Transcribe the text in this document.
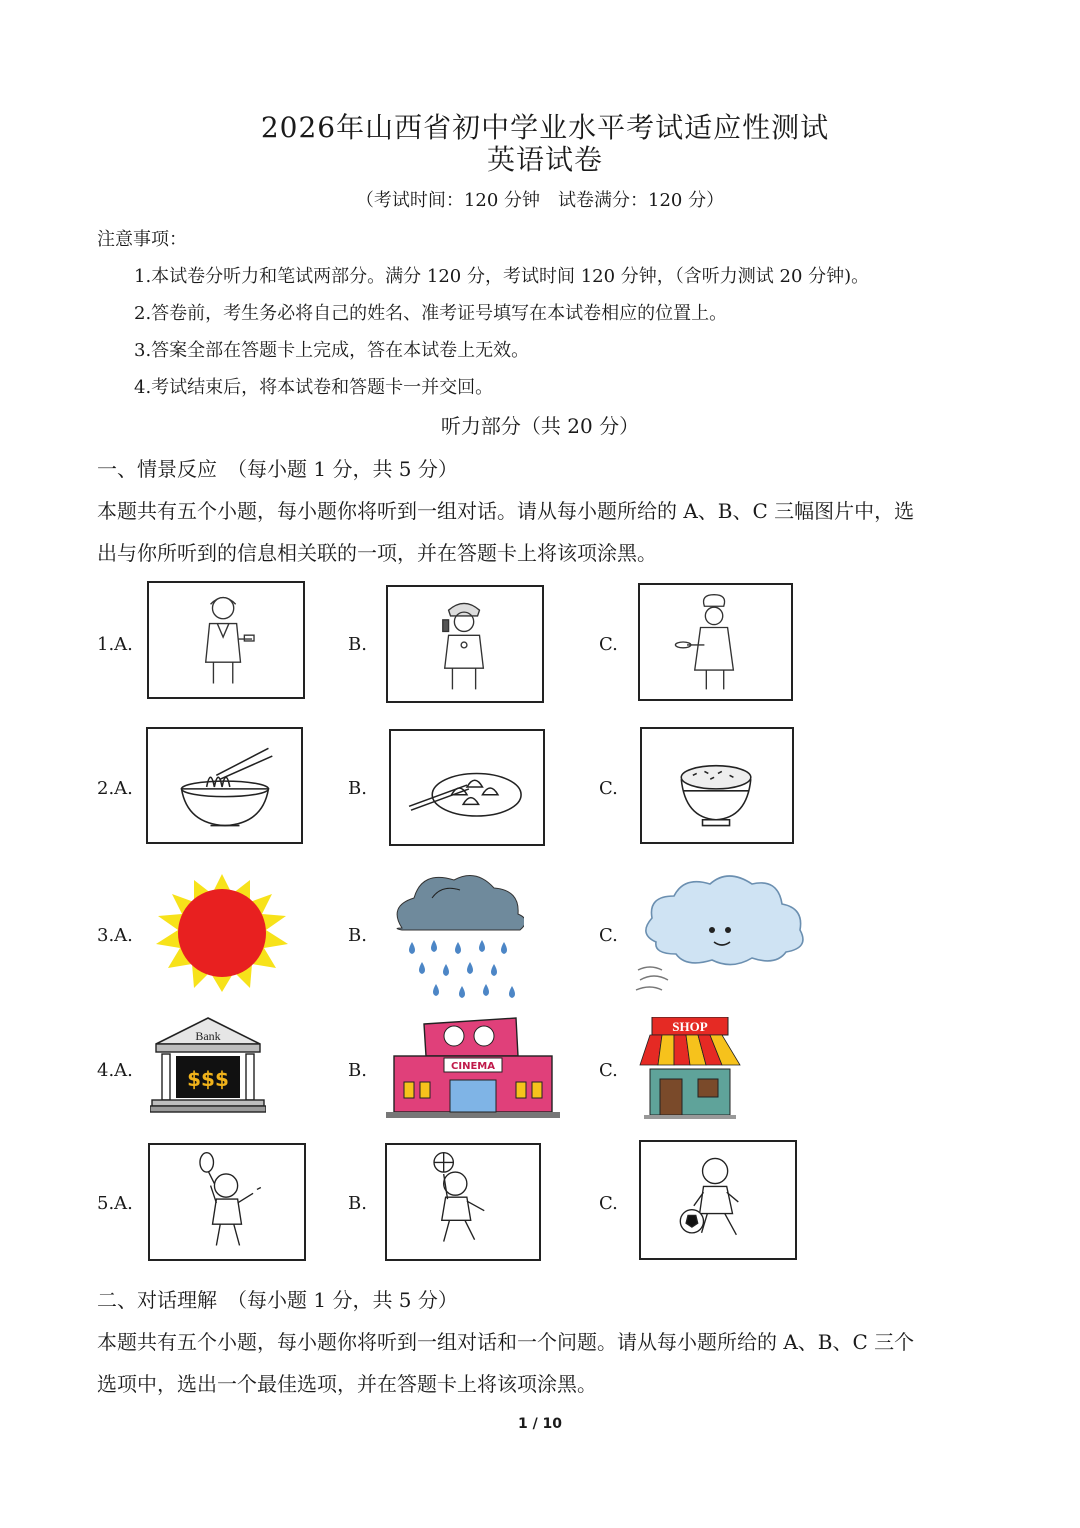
2026年山西省初中学业水平考试适应性测试
英语试卷
（考试时间：120 分钟　试卷满分：120 分）
注意事项：
1.本试卷分听力和笔试两部分。满分 120 分，考试时间 120 分钟，（含听力测试 20 分钟)。
2.答卷前，考生务必将自己的姓名、准考证号填写在本试卷相应的位置上。
3.答案全部在答题卡上完成，答在本试卷上无效。
4.考试结束后，将本试卷和答题卡一并交回。
听力部分（共 20 分）
一、情景反应　（每小题 1 分，共 5 分）
本题共有五个小题，每小题你将听到一组对话。请从每小题所给的 A、B、C 三幅图片中，选
出与你所听到的信息相关联的一项，并在答题卡上将该项涂黑。
1.A.	B.	C.
2.A.	B.	C.
3.A.	B.	C.
4.A.	B.	C.
Bank
$$$
CINEMA
SHOP
5.A.	B.	C.
二、对话理解　（每小题 1 分，共 5 分）
本题共有五个小题，每小题你将听到一组对话和一个问题。请从每小题所给的 A、B、C 三个
选项中，选出一个最佳选项，并在答题卡上将该项涂黑。
1 / 10
